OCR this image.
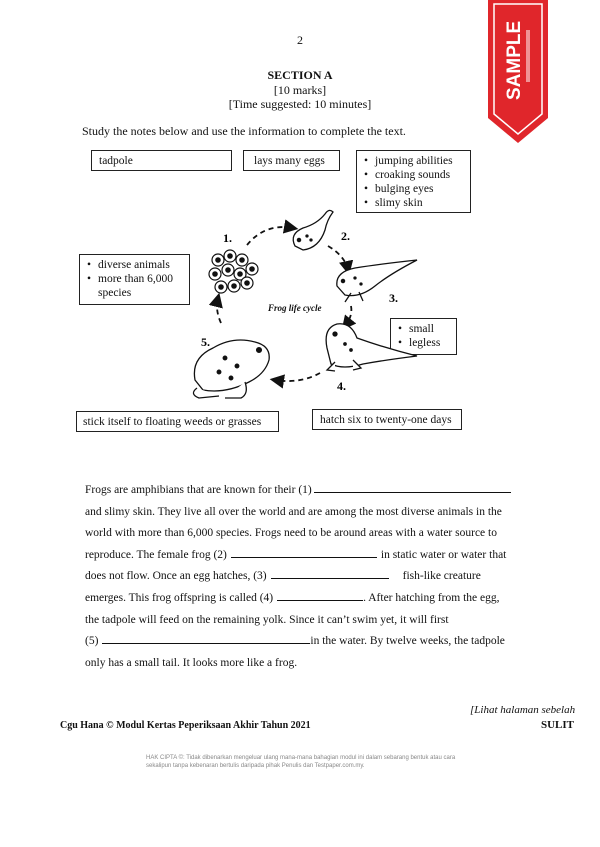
2
SECTION A
[10 marks]
[Time suggested: 10 minutes]
SAMPLE
Study the notes below and use the information to complete the text.
tadpole	lays many eggs
•	jumping abilities
• croaking sounds
• bulging eyes
• slimy skin
• diverse animals
• more than 6,000 species
• small
• legless
stick itself to floating weeds or grasses	hatch six to twenty-one days
1.	2.
3.
4.
5.
Frog life cycle

Frogs are amphibians that are known for their (1)

and slimy skin. They live all over the world and are among the most diverse animals in the

world with more than 6,000 species. Frogs need to be around areas with a water source to

reproduce. The female frog (2)	in static water or water that

does not flow. Once an egg hatches, (3)	fish-like creature

emerges. This frog offspring is called (4)	. After hatching from the egg,

the tadpole will feed on the remaining yolk. Since it can’t swim yet, it will first

(5)	in the water. By twelve weeks, the tadpole

only has a small tail. It looks more like a frog.

[Lihat halaman sebelah
SULIT
Cgu Hana © Modul Kertas Peperiksaan Akhir Tahun 2021
HAK CIPTA ©: Tidak dibenarkan mengeluar ulang mana-mana bahagian modul ini dalam sebarang bentuk atau cara sekalipun tanpa kebenaran bertulis daripada pihak Penulis dan Testpaper.com.my.
